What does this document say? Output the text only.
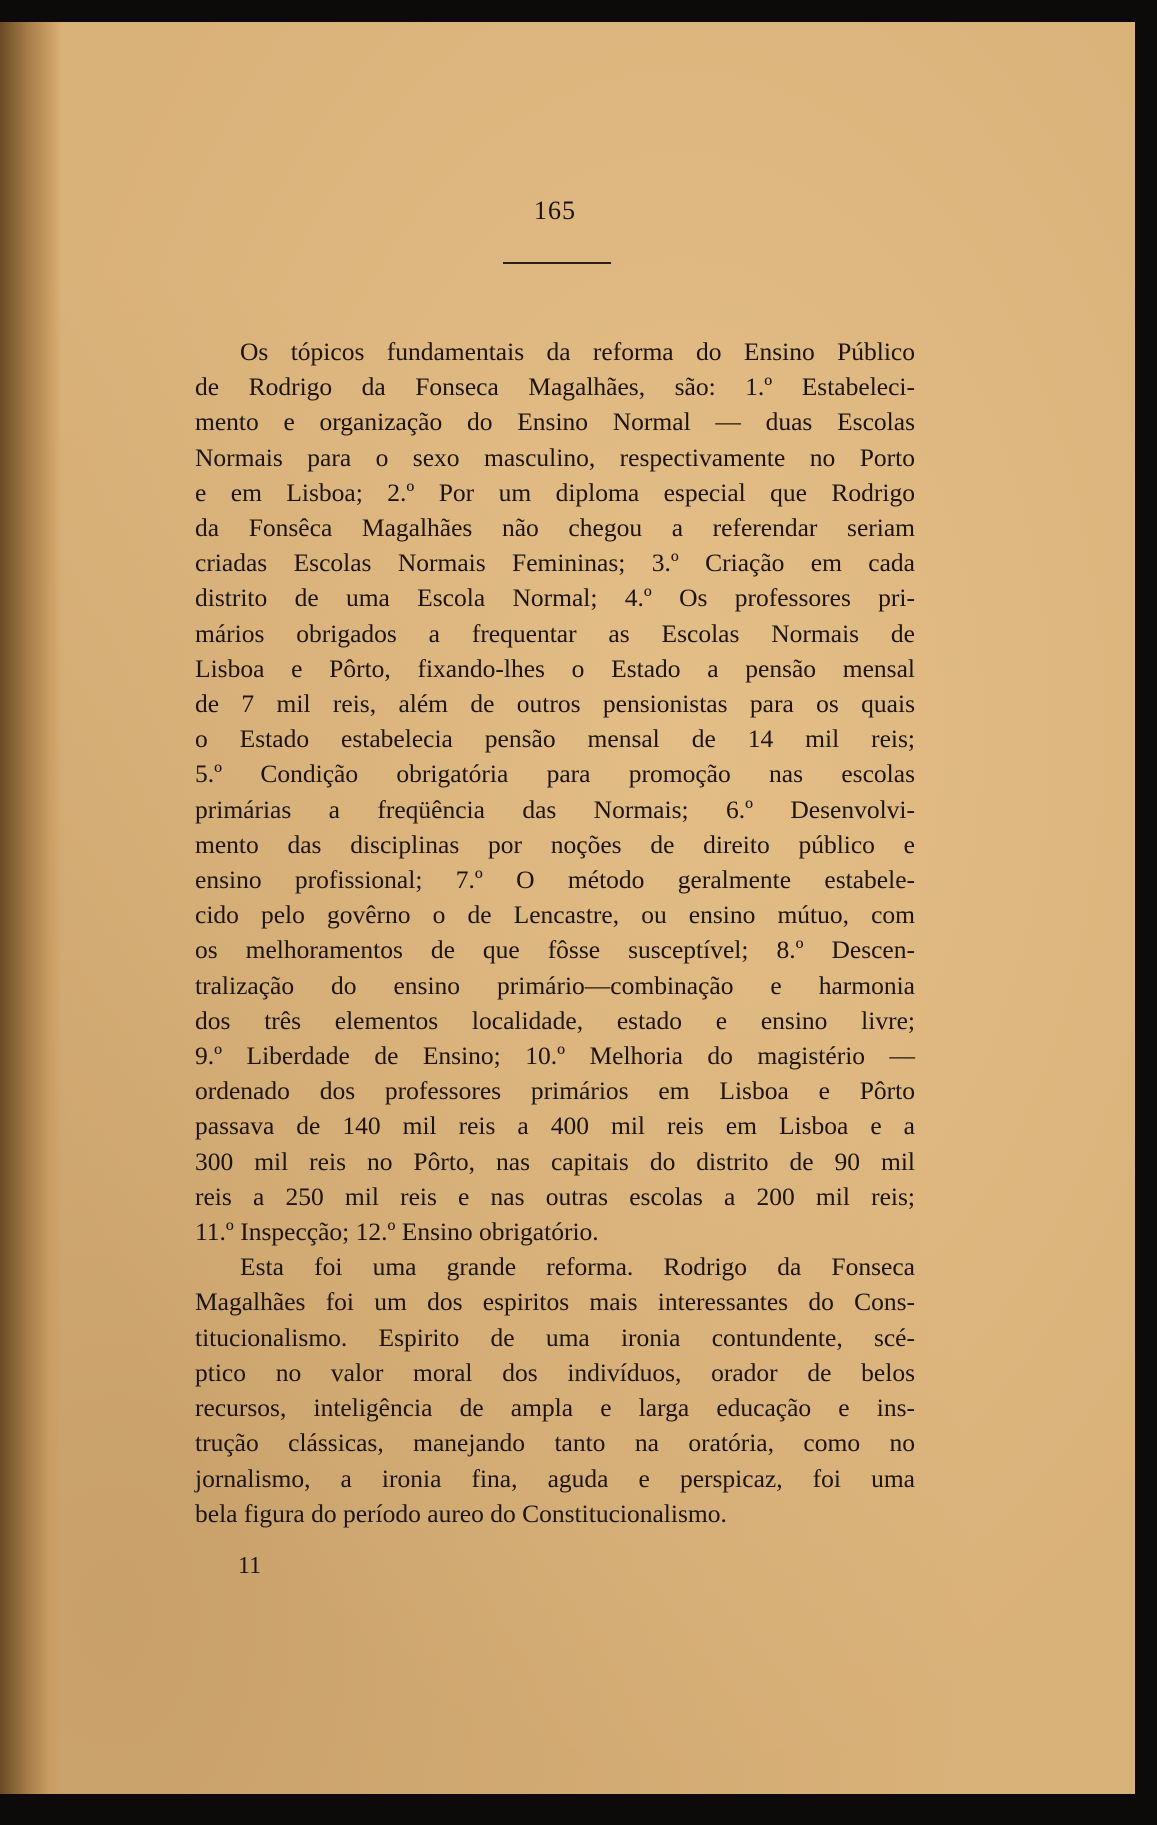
165
Os tópicos fundamentais da reforma do Ensino Público
de Rodrigo da Fonseca Magalhães, são: 1.º Estabeleci-
mento e organização do Ensino Normal — duas Escolas
Normais para o sexo masculino, respectivamente no Porto
e em Lisboa; 2.º Por um diploma especial que Rodrigo
da Fonsêca Magalhães não chegou a referendar seriam
criadas Escolas Normais Femininas; 3.º Criação em cada
distrito de uma Escola Normal; 4.º Os professores pri-
mários obrigados a frequentar as Escolas Normais de
Lisboa e Pôrto, fixando-lhes o Estado a pensão mensal
de 7 mil reis, além de outros pensionistas para os quais
o Estado estabelecia pensão mensal de 14 mil reis;
5.º Condição obrigatória para promoção nas escolas
primárias a freqüência das Normais; 6.º Desenvolvi-
mento das disciplinas por noções de direito público e
ensino profissional; 7.º O método geralmente estabele-
cido pelo govêrno o de Lencastre, ou ensino mútuo, com
os melhoramentos de que fôsse susceptível; 8.º Descen-
tralização do ensino primário—combinação e harmonia
dos três elementos localidade, estado e ensino livre;
9.º Liberdade de Ensino; 10.º Melhoria do magistério —
ordenado dos professores primários em Lisboa e Pôrto
passava de 140 mil reis a 400 mil reis em Lisboa e a
300 mil reis no Pôrto, nas capitais do distrito de 90 mil
reis a 250 mil reis e nas outras escolas a 200 mil reis;
11.º Inspecção; 12.º Ensino obrigatório.
Esta foi uma grande reforma. Rodrigo da Fonseca
Magalhães foi um dos espiritos mais interessantes do Cons-
titucionalismo. Espirito de uma ironia contundente, scé-
ptico no valor moral dos indivíduos, orador de belos
recursos, inteligência de ampla e larga educação e ins-
trução clássicas, manejando tanto na oratória, como no
jornalismo, a ironia fina, aguda e perspicaz, foi uma
bela figura do período aureo do Constitucionalismo.
11
